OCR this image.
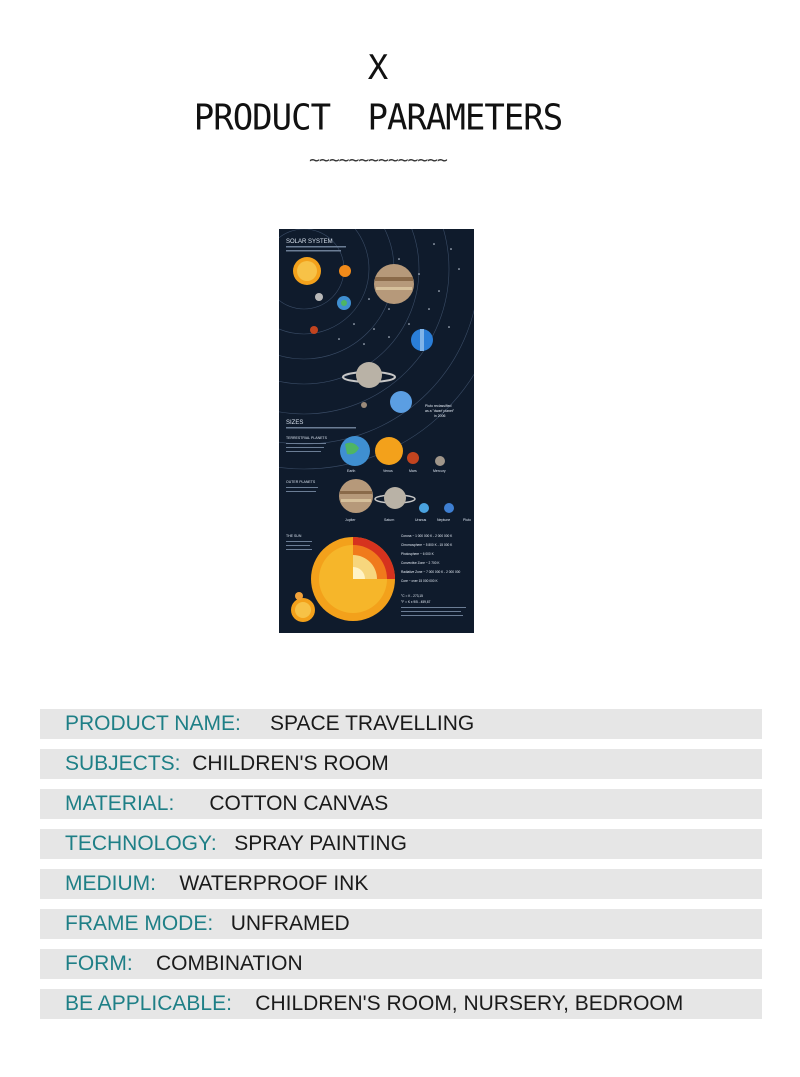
X
PRODUCT PARAMETERS
~~~~~~~~~~~~~~
SOLAR SYSTEM
Pluto reclassified
as a "dwarf planet"
in 2006
SIZES
TERRESTRIAL PLANETS
Earth	Venus	Mars	Mercury
OUTER PLANETS
Jupiter	Saturn	Uranus	Neptune	Pluto
THE SUN	Corona ~ 1 000 000 K - 2 000 000 K
Chromosphere ~ 5 800 K - 15 000 K
Photosphere ~ 6 000 K
Convective Zone ~ 2 700 K
Radiative Zone ~ 7 000 000 K - 2 000 000
Core ~ over 15 000 000 K
°C = K - 273,15
°F = K x 9/5 - 459,67
PRODUCT NAME:
SPACE TRAVELLING
SUBJECTS:
CHILDREN'S ROOM
MATERIAL:
COTTON CANVAS
TECHNOLOGY:
SPRAY PAINTING
MEDIUM:
WATERPROOF INK
FRAME MODE:
UNFRAMED
FORM:
COMBINATION
BE APPLICABLE:
CHILDREN'S ROOM, NURSERY, BEDROOM
